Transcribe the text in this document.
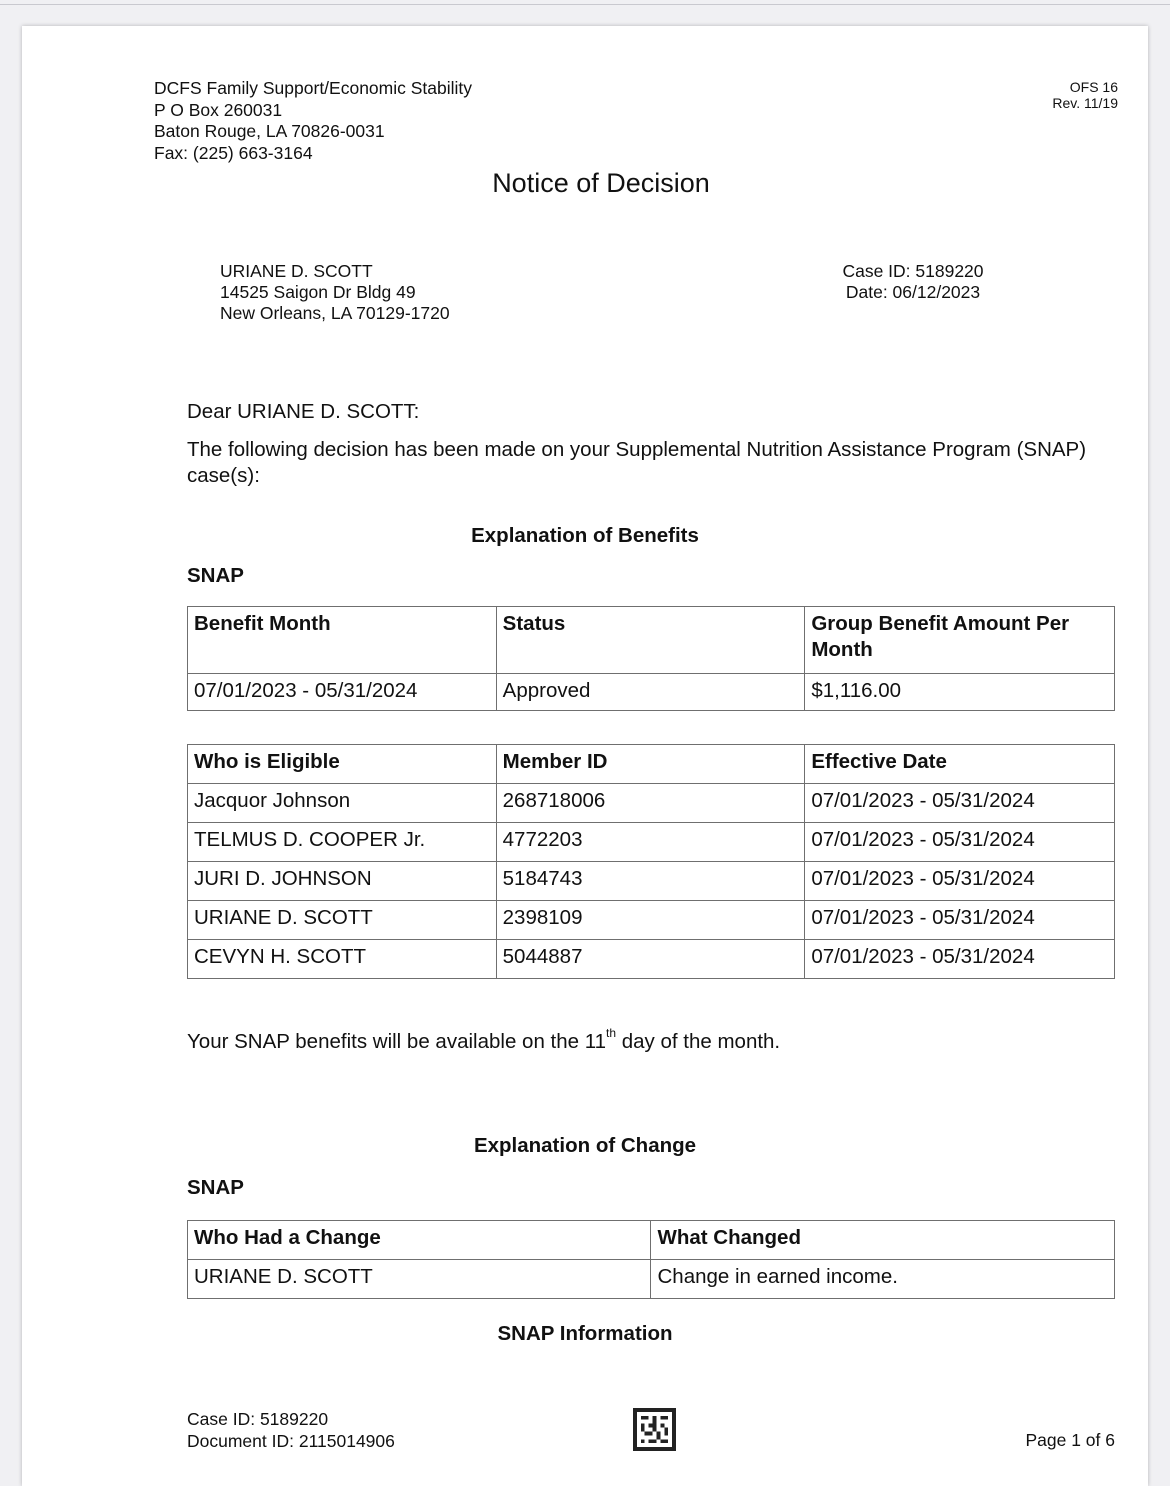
DCFS Family Support/Economic Stability
P O Box 260031
Baton Rouge, LA 70826-0031
Fax: (225) 663-3164
OFS 16
Rev. 11/19
Notice of Decision
URIANE D. SCOTT
14525 Saigon Dr Bldg 49
New Orleans, LA 70129-1720
Case ID: 5189220
Date: 06/12/2023
Dear URIANE D. SCOTT:
The following decision has been made on your Supplemental Nutrition Assistance Program (SNAP) case(s):
Explanation of Benefits
SNAP
Benefit Month	Status	Group Benefit Amount Per Month
07/01/2023 - 05/31/2024	Approved	$1,116.00
Who is Eligible	Member ID	Effective Date
Jacquor Johnson	268718006	07/01/2023 - 05/31/2024
TELMUS D. COOPER Jr.	4772203	07/01/2023 - 05/31/2024
JURI D. JOHNSON	5184743	07/01/2023 - 05/31/2024
URIANE D. SCOTT	2398109	07/01/2023 - 05/31/2024
CEVYN H. SCOTT	5044887	07/01/2023 - 05/31/2024
Your SNAP benefits will be available on the 11th day of the month.
Explanation of Change
SNAP
Who Had a Change	What Changed
URIANE D. SCOTT	Change in earned income.
SNAP Information
Case ID: 5189220
Document ID: 2115014906	Page 1 of 6
